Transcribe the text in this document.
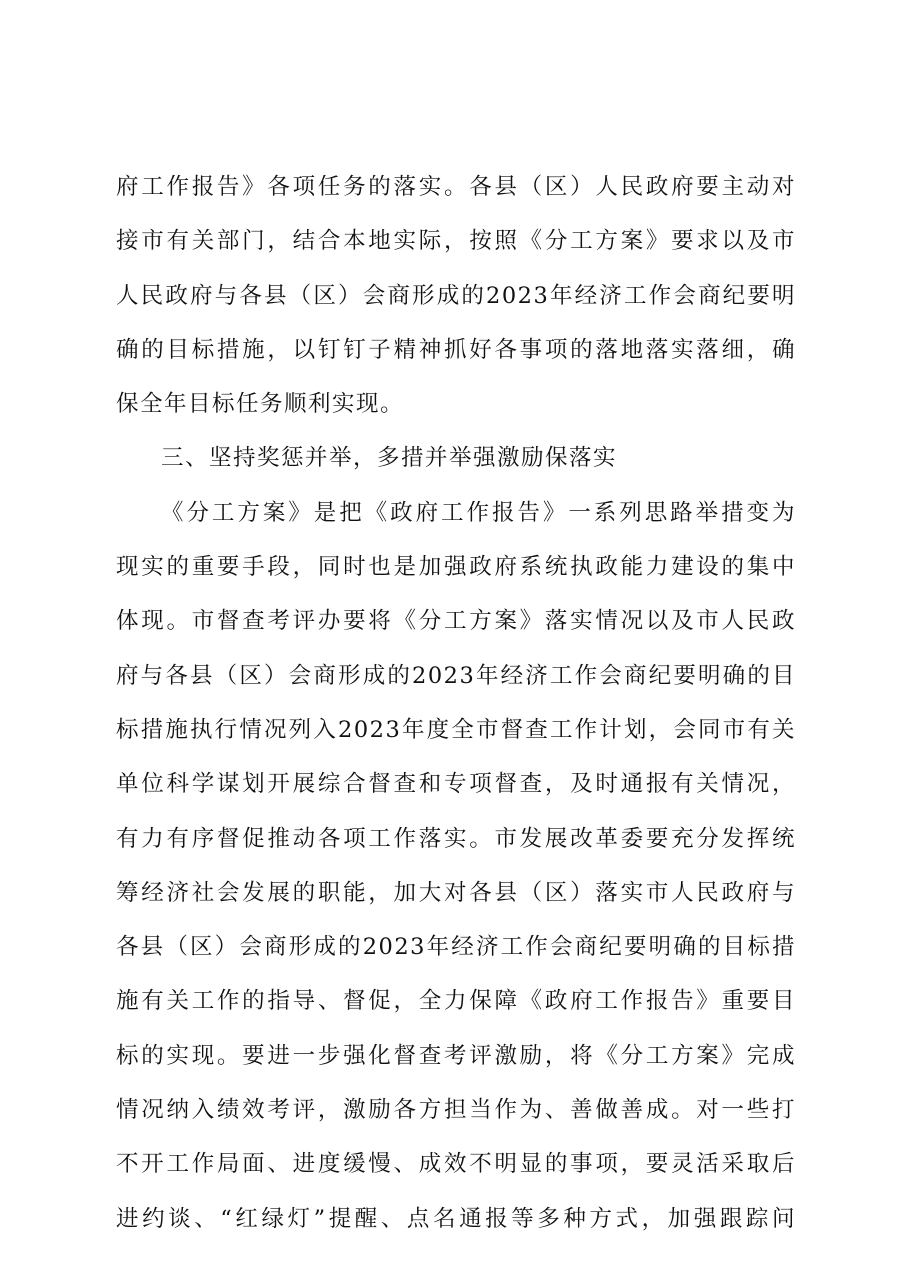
府工作报告》各项任务的落实。各县（区）人民政府要主动对
接市有关部门，结合本地实际，按照《分工方案》要求以及市
人民政府与各县（区）会商形成的2023年经济工作会商纪要明
确的目标措施，以钉钉子精神抓好各事项的落地落实落细，确
保全年目标任务顺利实现。

三、坚持奖惩并举，多措并举强激励保落实

《分工方案》是把《政府工作报告》一系列思路举措变为
现实的重要手段，同时也是加强政府系统执政能力建设的集中
体现。市督查考评办要将《分工方案》落实情况以及市人民政
府与各县（区）会商形成的2023年经济工作会商纪要明确的目
标措施执行情况列入2023年度全市督查工作计划，会同市有关
单位科学谋划开展综合督查和专项督查，及时通报有关情况，
有力有序督促推动各项工作落实。市发展改革委要充分发挥统
筹经济社会发展的职能，加大对各县（区）落实市人民政府与
各县（区）会商形成的2023年经济工作会商纪要明确的目标措
施有关工作的指导、督促，全力保障《政府工作报告》重要目
标的实现。要进一步强化督查考评激励，将《分工方案》完成
情况纳入绩效考评，激励各方担当作为、善做善成。对一些打
不开工作局面、进度缓慢、成效不明显的事项，要灵活采取后
进约谈、“红绿灯”提醒、点名通报等多种方式，加强跟踪问
